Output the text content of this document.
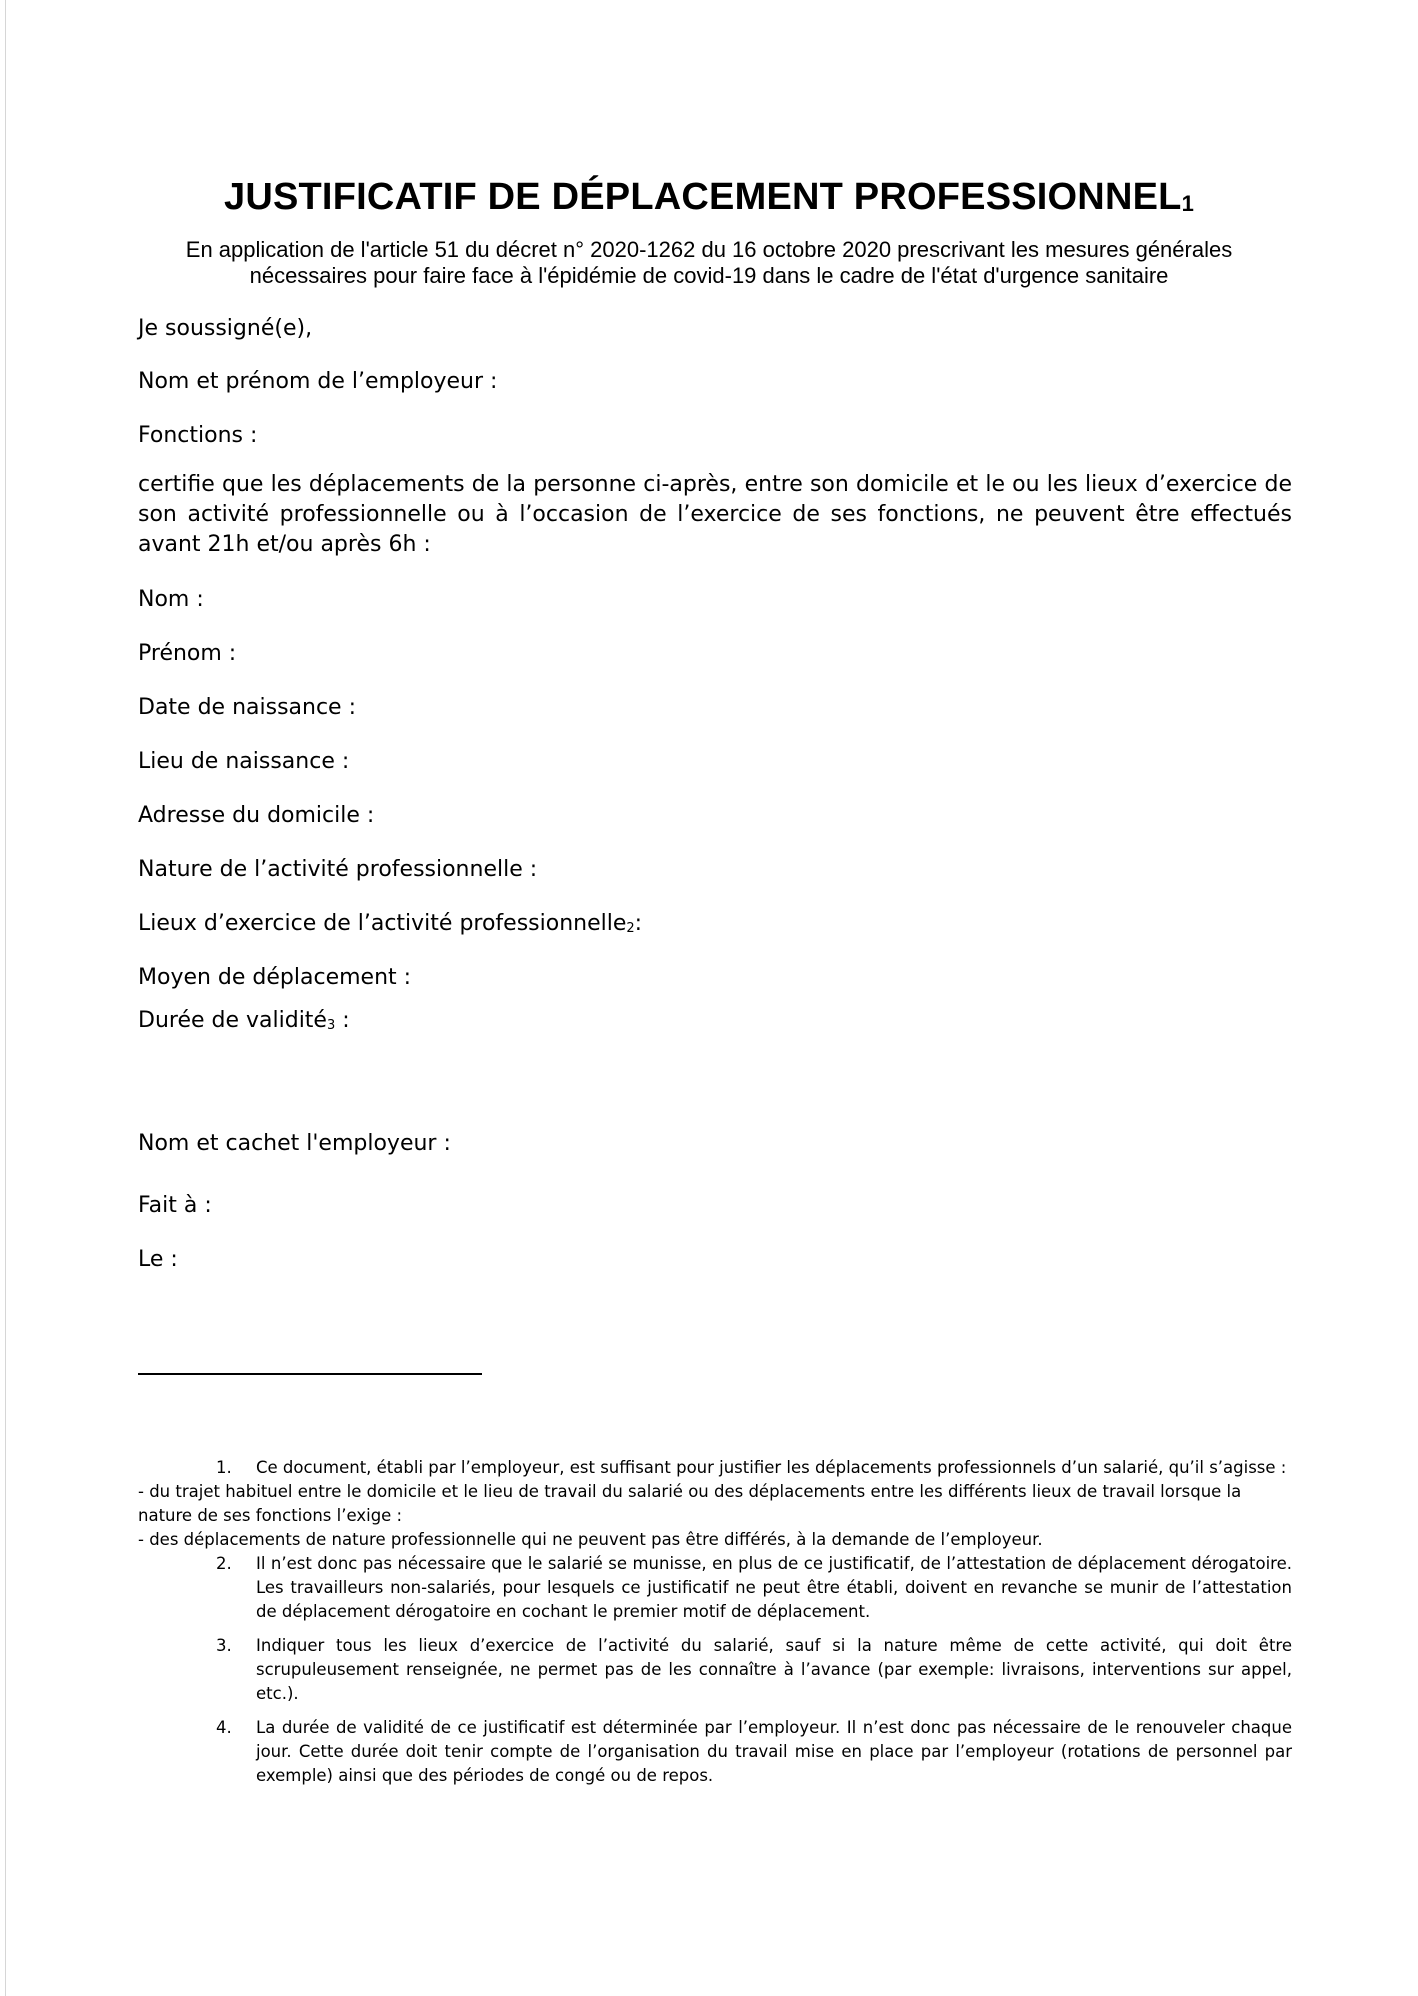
JUSTIFICATIF DE DÉPLACEMENT $PROFESSIONNEL_1$
En application de l'article 51 du décret n° 2020-1262 du 16 octobre 2020 prescrivant les mesures générales
nécessaires pour faire face à l'épidémie de covid-19 dans le cadre de l'état d'urgence sanitaire
Je soussigné(e),
Nom et prénom de l’employeur :
Fonctions :
certifie que les déplacements de la personne ci-après, entre son domicile et le ou les lieux d’exercice de son activité professionnelle ou à l’occasion de l’exercice de ses fonctions, ne peuvent être effectués avant 21h et/ou après 6h :
Nom :
Prénom :
Date de naissance :
Lieu de naissance :
Adresse du domicile :
Nature de l’activité professionnelle :
Lieux d’exercice de l’activité professionnelle$_2$:
Moyen de déplacement :
Durée de validité$_3$ :
Nom et cachet l'employeur :
Fait à :
Le :
1. Ce document, établi par l’employeur, est suffisant pour justifier les déplacements professionnels d’un salarié, qu’il s’agisse :
- du trajet habituel entre le domicile et le lieu de travail du salarié ou des déplacements entre les différents lieux de travail lorsque la nature de ses fonctions l’exige :
- des déplacements de nature professionnelle qui ne peuvent pas être différés, à la demande de l’employeur.
2. Il n’est donc pas nécessaire que le salarié se munisse, en plus de ce justificatif, de l’attestation de déplacement dérogatoire. Les travailleurs non-salariés, pour lesquels ce justificatif ne peut être établi, doivent en revanche se munir de l’attestation de déplacement dérogatoire en cochant le premier motif de déplacement.
3. Indiquer tous les lieux d’exercice de l’activité du salarié, sauf si la nature même de cette activité, qui doit être scrupuleusement renseignée, ne permet pas de les connaître à l’avance (par exemple: livraisons, interventions sur appel, etc.).
4. La durée de validité de ce justificatif est déterminée par l’employeur. Il n’est donc pas nécessaire de le renouveler chaque jour. Cette durée doit tenir compte de l’organisation du travail mise en place par l’employeur (rotations de personnel par exemple) ainsi que des périodes de congé ou de repos.
